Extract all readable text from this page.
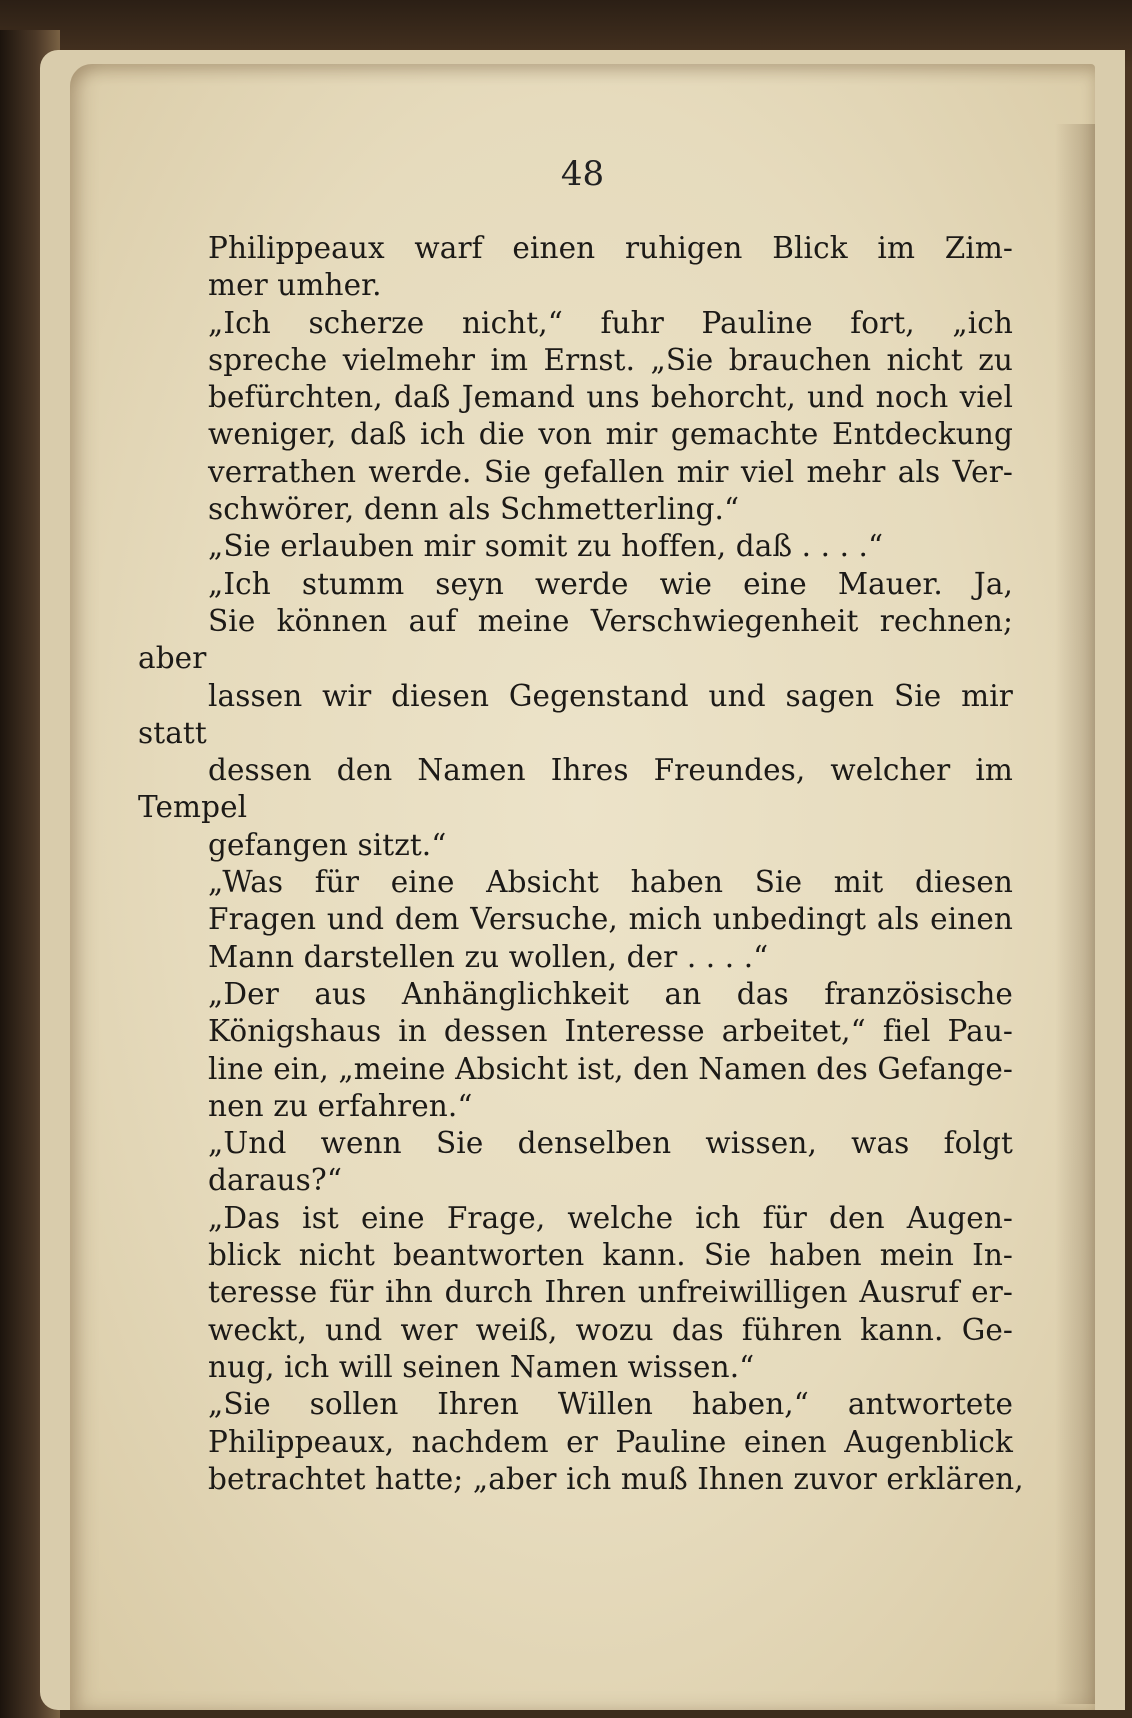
48

Philippeaux warf einen ruhigen Blick im Zim-
mer umher.

„Ich scherze nicht,“ fuhr Pauline fort, „ich
spreche vielmehr im Ernst. „Sie brauchen nicht zu
befürchten, daß Jemand uns behorcht, und noch viel
weniger, daß ich die von mir gemachte Entdeckung
verrathen werde. Sie gefallen mir viel mehr als Ver-
schwörer, denn als Schmetterling.“

„Sie erlauben mir somit zu hoffen, daß . . . .“

„Ich stumm seyn werde wie eine Mauer. Ja,
Sie können auf meine Verschwiegenheit rechnen; aber
lassen wir diesen Gegenstand und sagen Sie mir statt
dessen den Namen Ihres Freundes, welcher im Tempel
gefangen sitzt.“

„Was für eine Absicht haben Sie mit diesen
Fragen und dem Versuche, mich unbedingt als einen
Mann darstellen zu wollen, der . . . .“

„Der aus Anhänglichkeit an das französische
Königshaus in dessen Interesse arbeitet,“ fiel Pau-
line ein, „meine Absicht ist, den Namen des Gefange-
nen zu erfahren.“

„Und wenn Sie denselben wissen, was folgt
daraus?“

„Das ist eine Frage, welche ich für den Augen-
blick nicht beantworten kann. Sie haben mein In-
teresse für ihn durch Ihren unfreiwilligen Ausruf er-
weckt, und wer weiß, wozu das führen kann. Ge-
nug, ich will seinen Namen wissen.“

„Sie sollen Ihren Willen haben,“ antwortete
Philippeaux, nachdem er Pauline einen Augenblick
betrachtet hatte; „aber ich muß Ihnen zuvor erklären,
